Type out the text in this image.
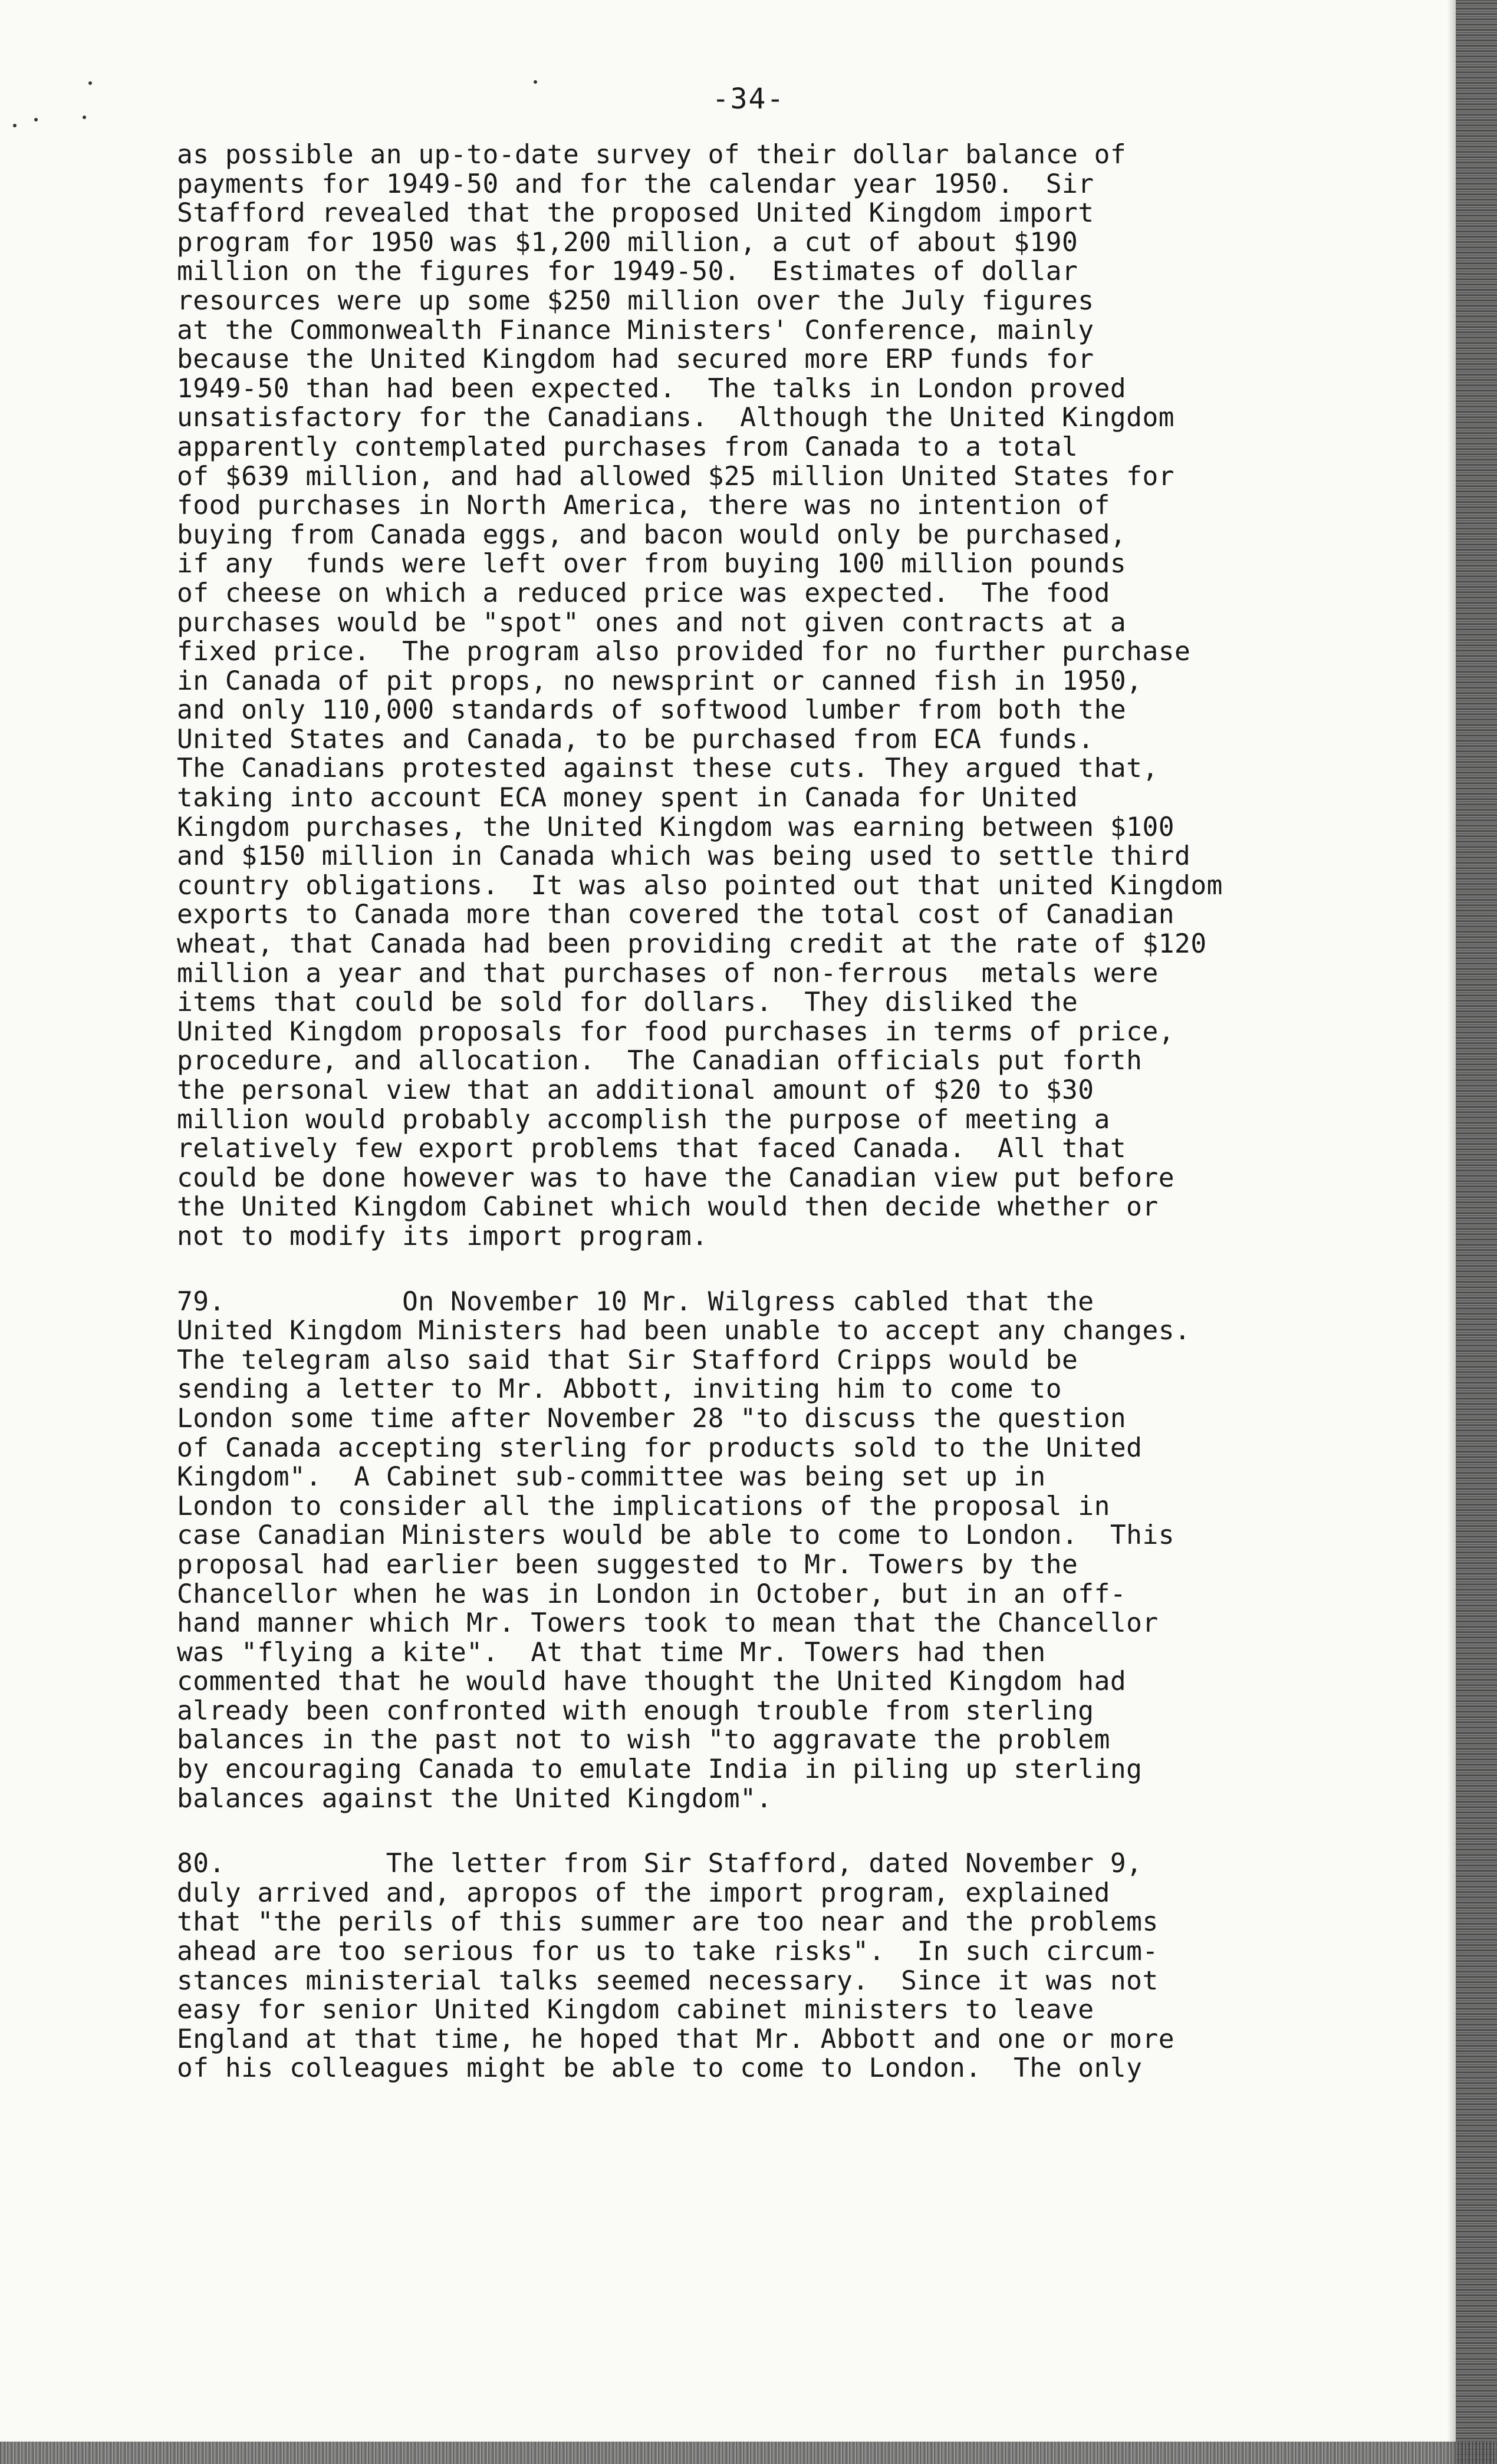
-34-
as possible an up-to-date survey of their dollar balance of
payments for 1949-50 and for the calendar year 1950.  Sir
Stafford revealed that the proposed United Kingdom import
program for 1950 was $1,200 million, a cut of about $190
million on the figures for 1949-50.  Estimates of dollar
resources were up some $250 million over the July figures
at the Commonwealth Finance Ministers' Conference, mainly
because the United Kingdom had secured more ERP funds for
1949-50 than had been expected.  The talks in London proved
unsatisfactory for the Canadians.  Although the United Kingdom
apparently contemplated purchases from Canada to a total
of $639 million, and had allowed $25 million United States for
food purchases in North America, there was no intention of
buying from Canada eggs, and bacon would only be purchased,
if any  funds were left over from buying 100 million pounds
of cheese on which a reduced price was expected.  The food
purchases would be "spot" ones and not given contracts at a
fixed price.  The program also provided for no further purchase
in Canada of pit props, no newsprint or canned fish in 1950,
and only 110,000 standards of softwood lumber from both the
United States and Canada, to be purchased from ECA funds.
The Canadians protested against these cuts. They argued that,
taking into account ECA money spent in Canada for United
Kingdom purchases, the United Kingdom was earning between $100
and $150 million in Canada which was being used to settle third
country obligations.  It was also pointed out that united Kingdom
exports to Canada more than covered the total cost of Canadian
wheat, that Canada had been providing credit at the rate of $120
million a year and that purchases of non-ferrous  metals were
items that could be sold for dollars.  They disliked the
United Kingdom proposals for food purchases in terms of price,
procedure, and allocation.  The Canadian officials put forth
the personal view that an additional amount of $20 to $30
million would probably accomplish the purpose of meeting a
relatively few export problems that faced Canada.  All that
could be done however was to have the Canadian view put before
the United Kingdom Cabinet which would then decide whether or
not to modify its import program.
79.           On November 10 Mr. Wilgress cabled that the
United Kingdom Ministers had been unable to accept any changes.
The telegram also said that Sir Stafford Cripps would be
sending a letter to Mr. Abbott, inviting him to come to
London some time after November 28 "to discuss the question
of Canada accepting sterling for products sold to the United
Kingdom".  A Cabinet sub-committee was being set up in
London to consider all the implications of the proposal in
case Canadian Ministers would be able to come to London.  This
proposal had earlier been suggested to Mr. Towers by the
Chancellor when he was in London in October, but in an off-
hand manner which Mr. Towers took to mean that the Chancellor
was "flying a kite".  At that time Mr. Towers had then
commented that he would have thought the United Kingdom had
already been confronted with enough trouble from sterling
balances in the past not to wish "to aggravate the problem
by encouraging Canada to emulate India in piling up sterling
balances against the United Kingdom".
80.          The letter from Sir Stafford, dated November 9,
duly arrived and, apropos of the import program, explained
that "the perils of this summer are too near and the problems
ahead are too serious for us to take risks".  In such circum-
stances ministerial talks seemed necessary.  Since it was not
easy for senior United Kingdom cabinet ministers to leave
England at that time, he hoped that Mr. Abbott and one or more
of his colleagues might be able to come to London.  The only
